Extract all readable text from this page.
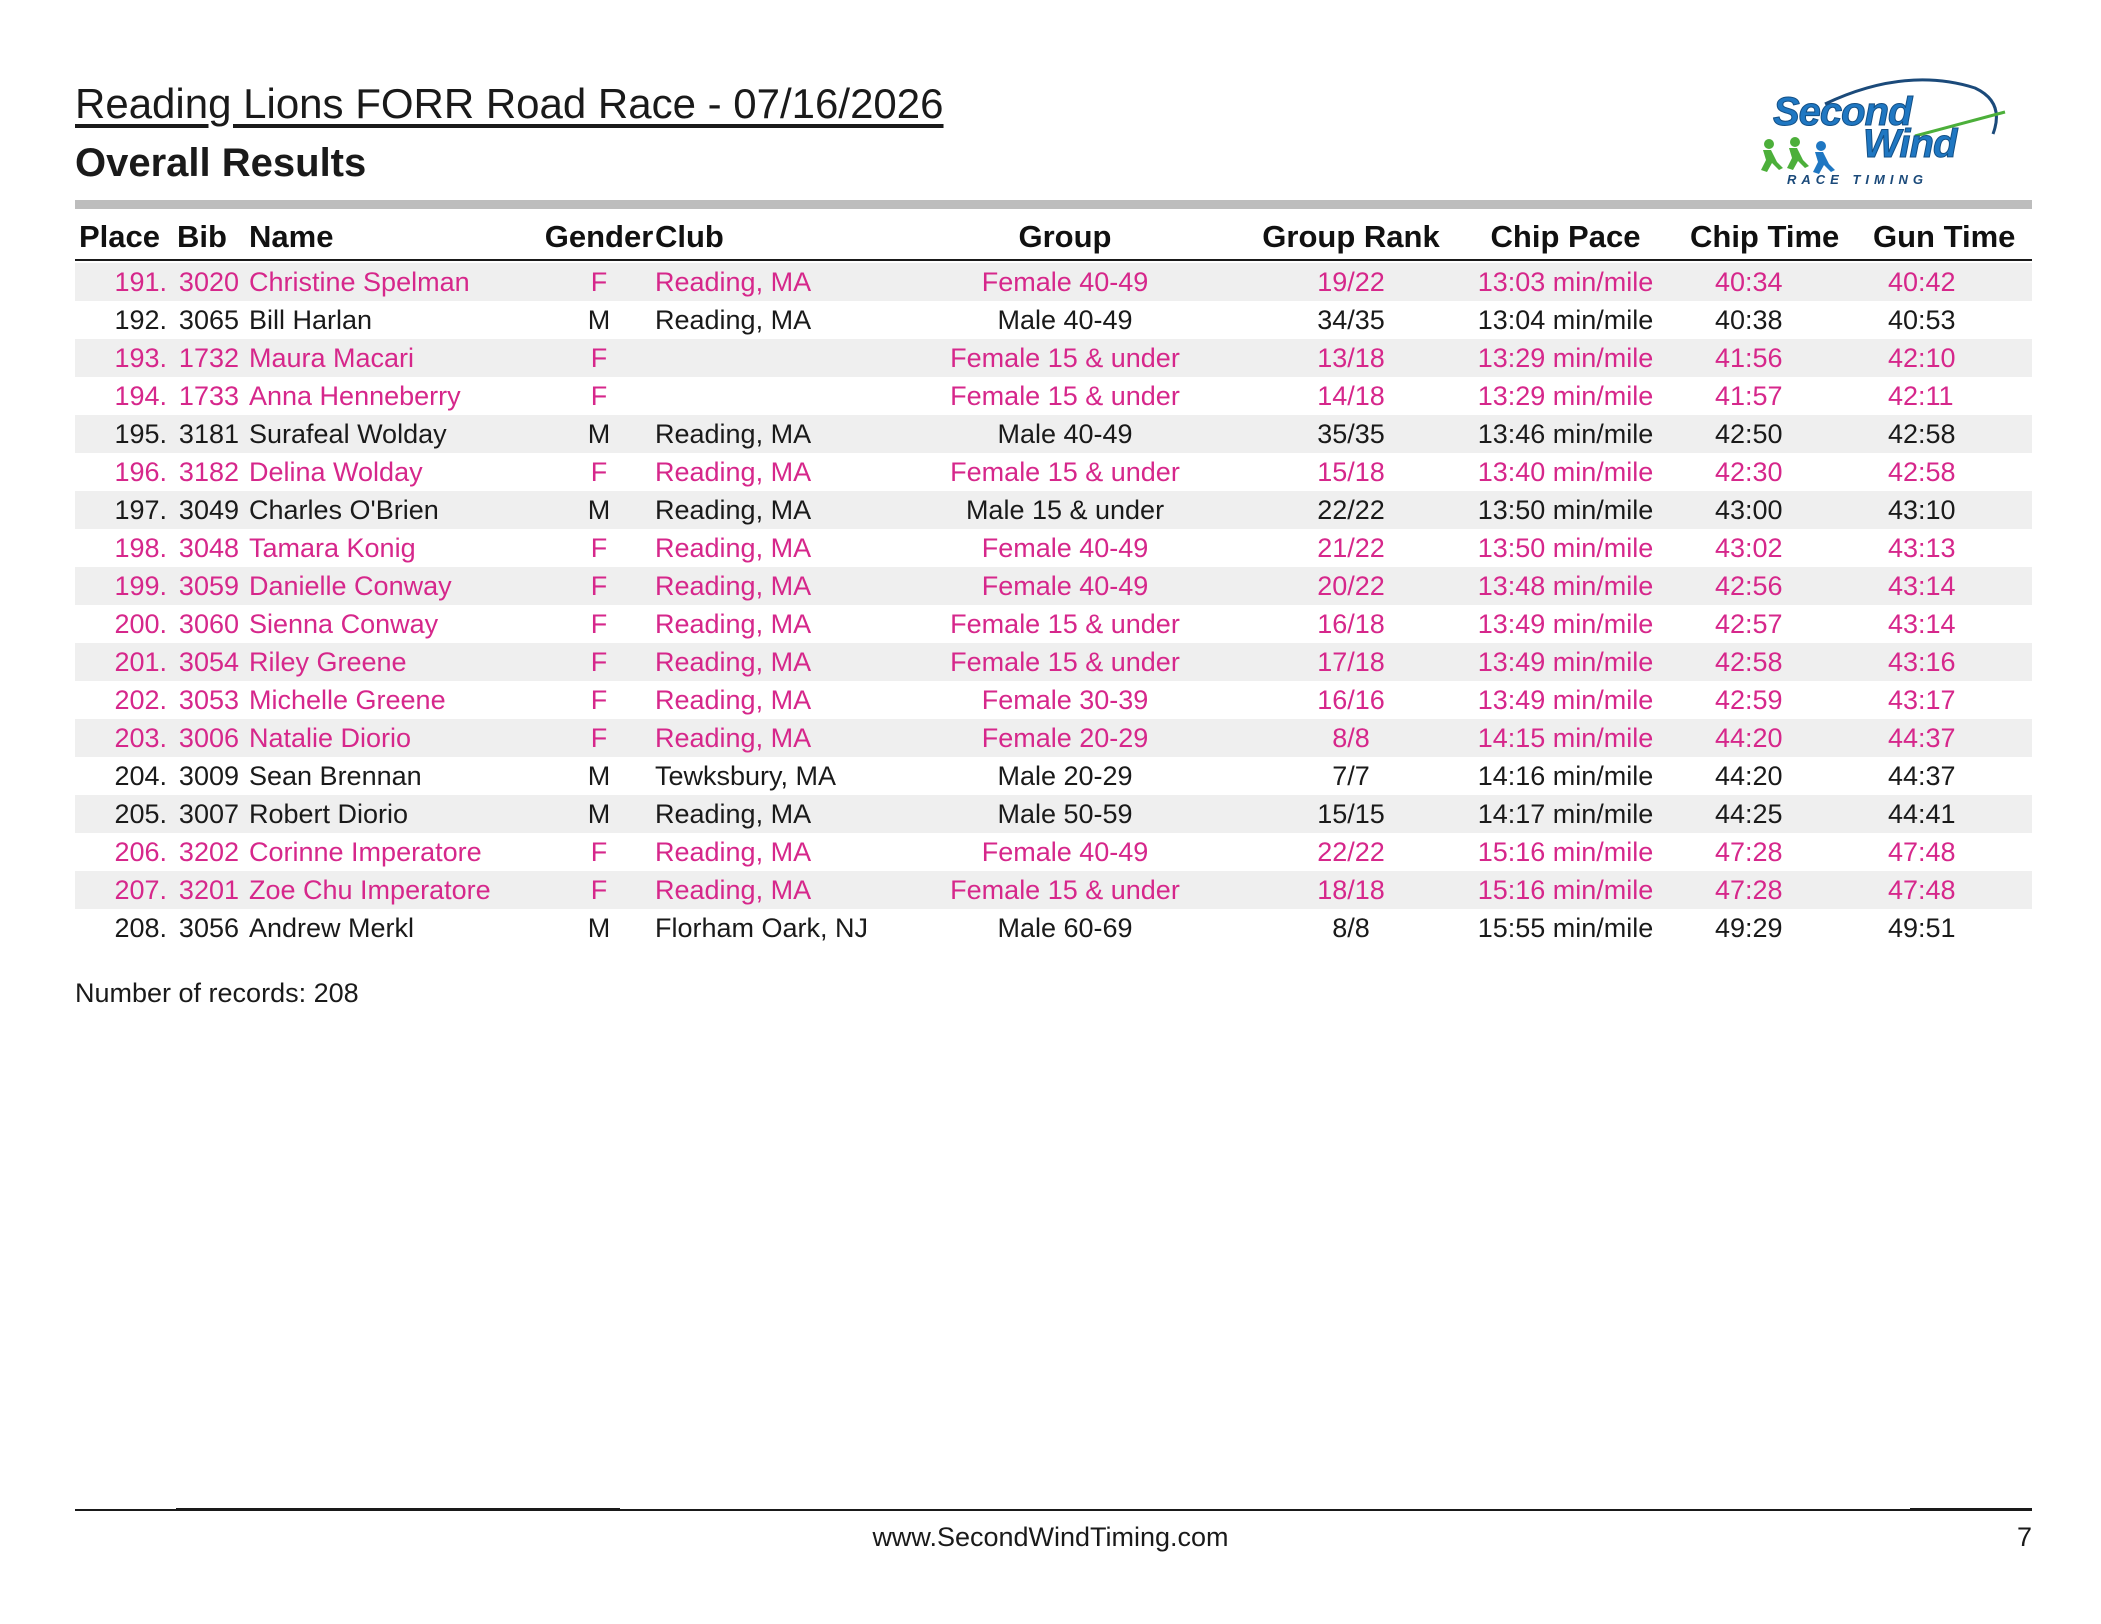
Reading Lions FORR Road Race - 07/16/2026
Overall Results
Second
Wind
RACE TIMING
Place	Bib	Name	Gender	Club	Group	Group Rank	Chip Pace	Chip Time	Gun Time

191.	3020	Christine Spelman	F	Reading, MA	Female 40-49	19/22	13:03 min/mile	40:34	40:42
192.	3065	Bill Harlan	M	Reading, MA	Male 40-49	34/35	13:04 min/mile	40:38	40:53
193.	1732	Maura Macari	F		Female 15 & under	13/18	13:29 min/mile	41:56	42:10
194.	1733	Anna Henneberry	F		Female 15 & under	14/18	13:29 min/mile	41:57	42:11
195.	3181	Surafeal Wolday	M	Reading, MA	Male 40-49	35/35	13:46 min/mile	42:50	42:58
196.	3182	Delina Wolday	F	Reading, MA	Female 15 & under	15/18	13:40 min/mile	42:30	42:58
197.	3049	Charles O'Brien	M	Reading, MA	Male 15 & under	22/22	13:50 min/mile	43:00	43:10
198.	3048	Tamara Konig	F	Reading, MA	Female 40-49	21/22	13:50 min/mile	43:02	43:13
199.	3059	Danielle Conway	F	Reading, MA	Female 40-49	20/22	13:48 min/mile	42:56	43:14
200.	3060	Sienna Conway	F	Reading, MA	Female 15 & under	16/18	13:49 min/mile	42:57	43:14
201.	3054	Riley Greene	F	Reading, MA	Female 15 & under	17/18	13:49 min/mile	42:58	43:16
202.	3053	Michelle Greene	F	Reading, MA	Female 30-39	16/16	13:49 min/mile	42:59	43:17
203.	3006	Natalie Diorio	F	Reading, MA	Female 20-29	8/8	14:15 min/mile	44:20	44:37
204.	3009	Sean Brennan	M	Tewksbury, MA	Male 20-29	7/7	14:16 min/mile	44:20	44:37
205.	3007	Robert Diorio	M	Reading, MA	Male 50-59	15/15	14:17 min/mile	44:25	44:41
206.	3202	Corinne Imperatore	F	Reading, MA	Female 40-49	22/22	15:16 min/mile	47:28	47:48
207.	3201	Zoe Chu Imperatore	F	Reading, MA	Female 15 & under	18/18	15:16 min/mile	47:28	47:48
208.	3056	Andrew Merkl	M	Florham Oark, NJ	Male 60-69	8/8	15:55 min/mile	49:29	49:51
Number of records: 208
www.SecondWindTiming.com	7
